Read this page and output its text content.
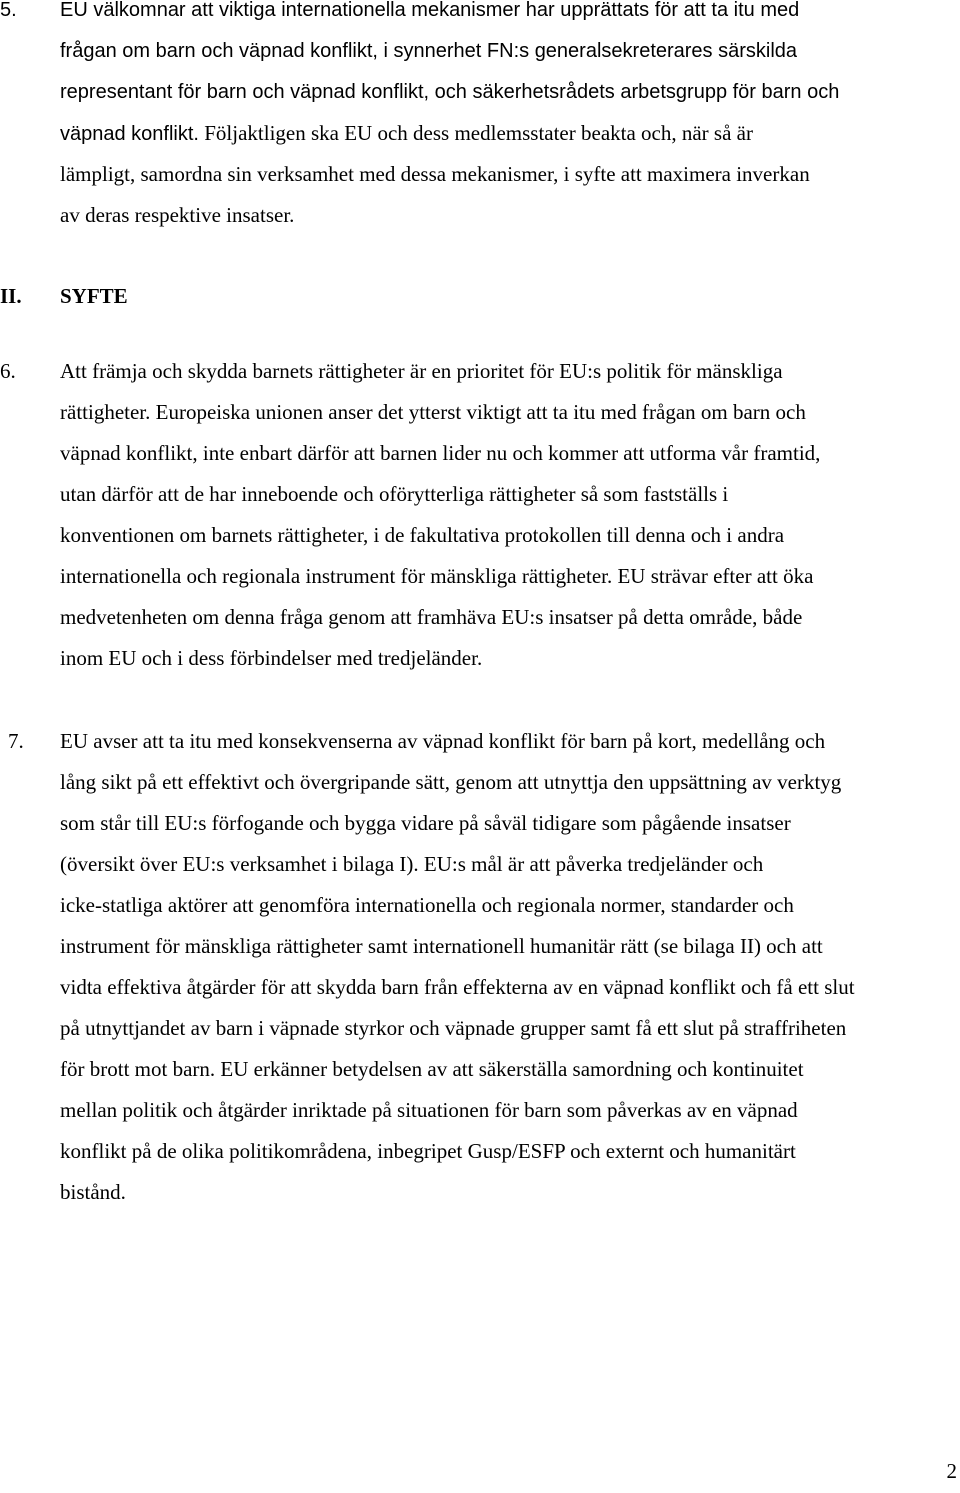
5.	EU välkomnar att viktiga internationella mekanismer har upprättats för att ta itu med
frågan om barn och väpnad konflikt, i synnerhet FN:s generalsekreterares särskilda
representant för barn och väpnad konflikt, och säkerhetsrådets arbetsgrupp för barn och
väpnad konflikt. Följaktligen ska EU och dess medlemsstater beakta och, när så är
lämpligt, samordna sin verksamhet med dessa mekanismer, i syfte att maximera inverkan
av deras respektive insatser.
II.	SYFTE
6.	Att främja och skydda barnets rättigheter är en prioritet för EU:s politik för mänskliga
rättigheter. Europeiska unionen anser det ytterst viktigt att ta itu med frågan om barn och
väpnad konflikt, inte enbart därför att barnen lider nu och kommer att utforma vår framtid,
utan därför att de har inneboende och oförytterliga rättigheter så som fastställs i
konventionen om barnets rättigheter, i de fakultativa protokollen till denna och i andra
internationella och regionala instrument för mänskliga rättigheter. EU strävar efter att öka
medvetenheten om denna fråga genom att framhäva EU:s insatser på detta område, både
inom EU och i dess förbindelser med tredjeländer.
7.	EU avser att ta itu med konsekvenserna av väpnad konflikt för barn på kort, medellång och
lång sikt på ett effektivt och övergripande sätt, genom att utnyttja den uppsättning av verktyg
som står till EU:s förfogande och bygga vidare på såväl tidigare som pågående insatser
(översikt över EU:s verksamhet i bilaga I). EU:s mål är att påverka tredjeländer och
icke-statliga aktörer att genomföra internationella och regionala normer, standarder och
instrument för mänskliga rättigheter samt internationell humanitär rätt (se bilaga II) och att
vidta effektiva åtgärder för att skydda barn från effekterna av en väpnad konflikt och få ett slut
på utnyttjandet av barn i väpnade styrkor och väpnade grupper samt få ett slut på straffriheten
för brott mot barn. EU erkänner betydelsen av att säkerställa samordning och kontinuitet
mellan politik och åtgärder inriktade på situationen för barn som påverkas av en väpnad
konflikt på de olika politikområdena, inbegripet Gusp/ESFP och externt och humanitärt
bistånd.
2
